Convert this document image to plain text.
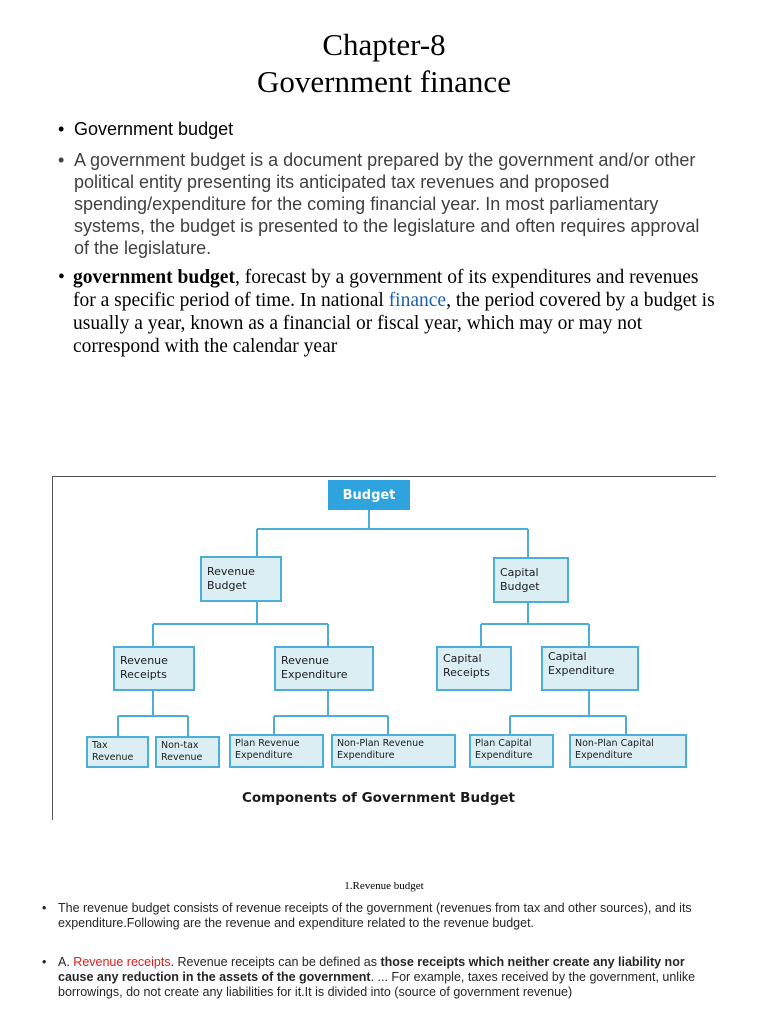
Chapter-8
Government finance
• Government budget
• A government budget is a document prepared by the government and/or other political entity presenting its anticipated tax revenues and proposed spending/expenditure for the coming financial year. In most parliamentary systems, the budget is presented to the legislature and often requires approval of the legislature.
• government budget, forecast by a government of its expenditures and revenues for a specific period of time. In national finance, the period covered by a budget is usually a year, known as a financial or fiscal year, which may or may not correspond with the calendar year
Budget
Revenue Budget
Capital Budget
Revenue Receipts
Revenue Expenditure
Capital Receipts
Capital Expenditure
Tax Revenue
Non-tax Revenue
Plan Revenue Expenditure
Non-Plan Revenue Expenditure
Plan Capital Expenditure
Non-Plan Capital Expenditure
Components of Government Budget
1.Revenue budget
• The revenue budget consists of revenue receipts of the government (revenues from tax and other sources), and its expenditure.Following are the revenue and expenditure related to the revenue budget.
• A. Revenue receipts. Revenue receipts can be defined as those receipts which neither create any liability nor cause any reduction in the assets of the government. ... For example, taxes received by the government, unlike borrowings, do not create any liabilities for it.It is divided into (source of government revenue)
